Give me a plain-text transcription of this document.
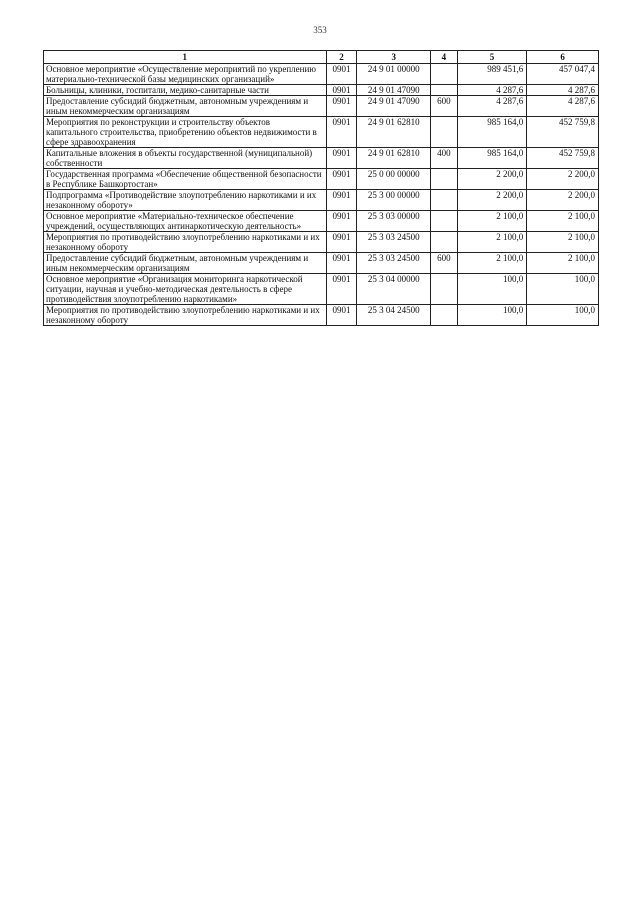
353
1	2	3	4	5	6
Основное мероприятие «Осуществление мероприятий по укреплению материально-технической базы медицинских организаций»	0901	24 9 01 00000		989 451,6	457 047,4
Больницы, клиники, госпитали, медико-санитарные части	0901	24 9 01 47090		4 287,6	4 287,6
Предоставление субсидий бюджетным, автономным учреждениям и иным некоммерческим организациям	0901	24 9 01 47090	600	4 287,6	4 287,6
Мероприятия по реконструкции и строительству объектов капитального строительства, приобретению объектов недвижимости в сфере здравоохранения	0901	24 9 01 62810		985 164,0	452 759,8
Капитальные вложения в объекты государственной (муниципальной) собственности	0901	24 9 01 62810	400	985 164,0	452 759,8
Государственная программа «Обеспечение общественной безопасности в Республике Башкортостан»	0901	25 0 00 00000		2 200,0	2 200,0
Подпрограмма «Противодействие злоупотреблению наркотиками и их незаконному обороту»	0901	25 3 00 00000		2 200,0	2 200,0
Основное мероприятие «Материально-техническое обеспечение учреждений, осуществляющих антинаркотическую деятельность»	0901	25 3 03 00000		2 100,0	2 100,0
Мероприятия по противодействию злоупотреблению наркотиками и их незаконному обороту	0901	25 3 03 24500		2 100,0	2 100,0
Предоставление субсидий бюджетным, автономным учреждениям и иным некоммерческим организациям	0901	25 3 03 24500	600	2 100,0	2 100,0
Основное мероприятие «Организация мониторинга наркотической ситуации, научная и учебно-методическая деятельность в сфере противодействия злоупотреблению наркотиками»	0901	25 3 04 00000		100,0	100,0
Мероприятия по противодействию злоупотреблению наркотиками и их незаконному обороту	0901	25 3 04 24500		100,0	100,0
